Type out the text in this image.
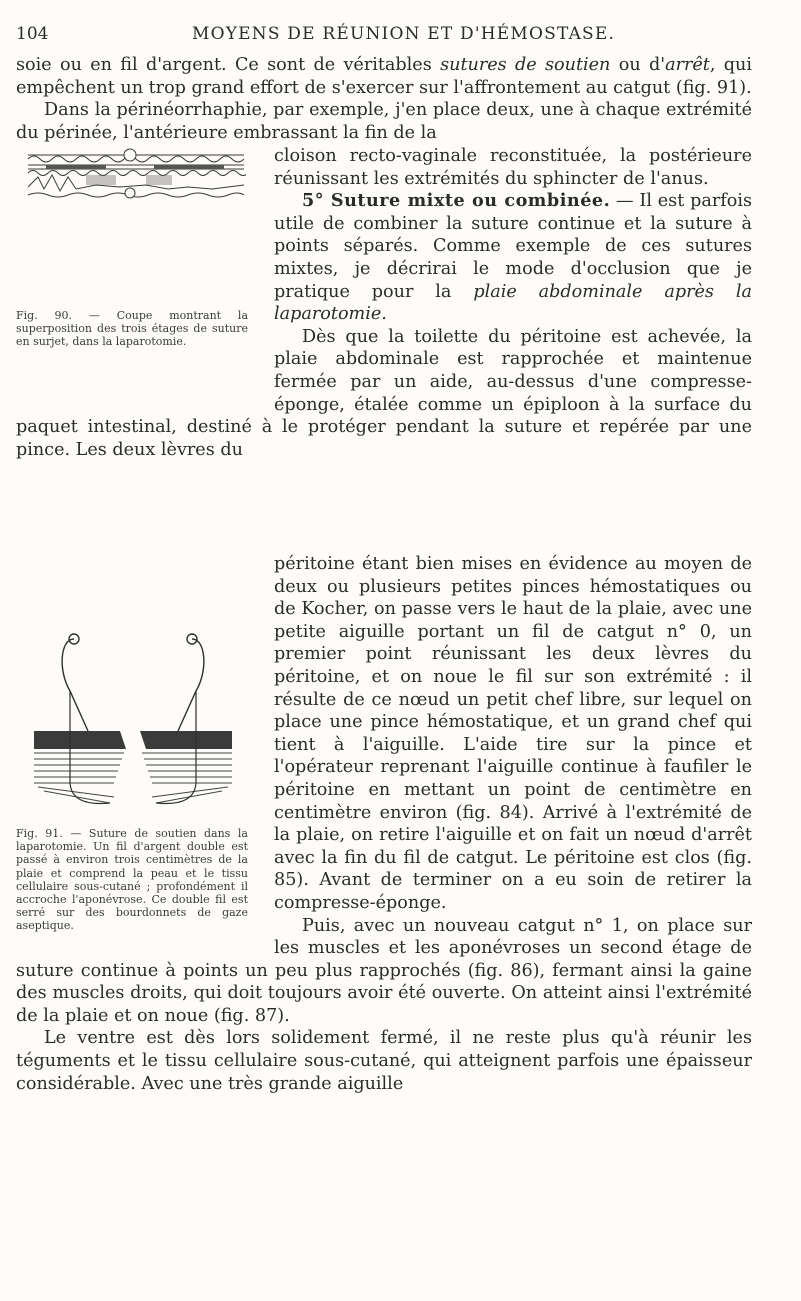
104	MOYENS DE RÉUNION ET D'HÉMOSTASE.

soie ou en fil d'argent. Ce sont de véritables sutures de soutien ou d'arrêt, qui empêchent un trop grand effort de s'exercer sur l'affrontement au catgut (fig. 91).

Dans la périnéorrhaphie, par exemple, j'en place deux, une à chaque extrémité du périnée, l'antérieure embrassant la fin de la

Fig. 90. — Coupe montrant la superposition des trois étages de suture en surjet, dans la laparotomie.

cloison recto-vaginale reconstituée, la postérieure réunissant les extrémités du sphincter de l'anus.

5° Suture mixte ou combinée. — Il est parfois utile de combiner la suture continue et la suture à points séparés. Comme exemple de ces sutures mixtes, je décrirai le mode d'occlusion que je pratique pour la plaie abdominale après la laparotomie.

Dès que la toilette du péritoine est achevée, la plaie abdominale est rapprochée et maintenue fermée par un aide, au-dessus d'une compresse-éponge, étalée comme un épiploon à la surface du paquet intestinal, destiné à le protéger pendant la suture et repérée par une pince. Les deux lèvres du

Fig. 91. — Suture de soutien dans la laparotomie. Un fil d'argent double est passé à environ trois centimètres de la plaie et comprend la peau et le tissu cellulaire sous-cutané ; profondément il accroche l'aponévrose. Ce double fil est serré sur des bourdonnets de gaze aseptique.

péritoine étant bien mises en évidence au moyen de deux ou plusieurs petites pinces hémostatiques ou de Kocher, on passe vers le haut de la plaie, avec une petite aiguille portant un fil de catgut n° 0, un premier point réunissant les deux lèvres du péritoine, et on noue le fil sur son extrémité : il résulte de ce nœud un petit chef libre, sur lequel on place une pince hémostatique, et un grand chef qui tient à l'aiguille. L'aide tire sur la pince et l'opérateur reprenant l'aiguille continue à faufiler le péritoine en mettant un point de centimètre en centimètre environ (fig. 84). Arrivé à l'extrémité de la plaie, on retire l'aiguille et on fait un nœud d'arrêt avec la fin du fil de catgut. Le péritoine est clos (fig. 85). Avant de terminer on a eu soin de retirer la compresse-éponge.

Puis, avec un nouveau catgut n° 1, on place sur les muscles et les aponévroses un second étage de suture continue à points un peu plus rapprochés (fig. 86), fermant ainsi la gaine des muscles droits, qui doit toujours avoir été ouverte. On atteint ainsi l'extrémité de la plaie et on noue (fig. 87).

Le ventre est dès lors solidement fermé, il ne reste plus qu'à réunir les téguments et le tissu cellulaire sous-cutané, qui atteignent parfois une épaisseur considérable. Avec une très grande aiguille
